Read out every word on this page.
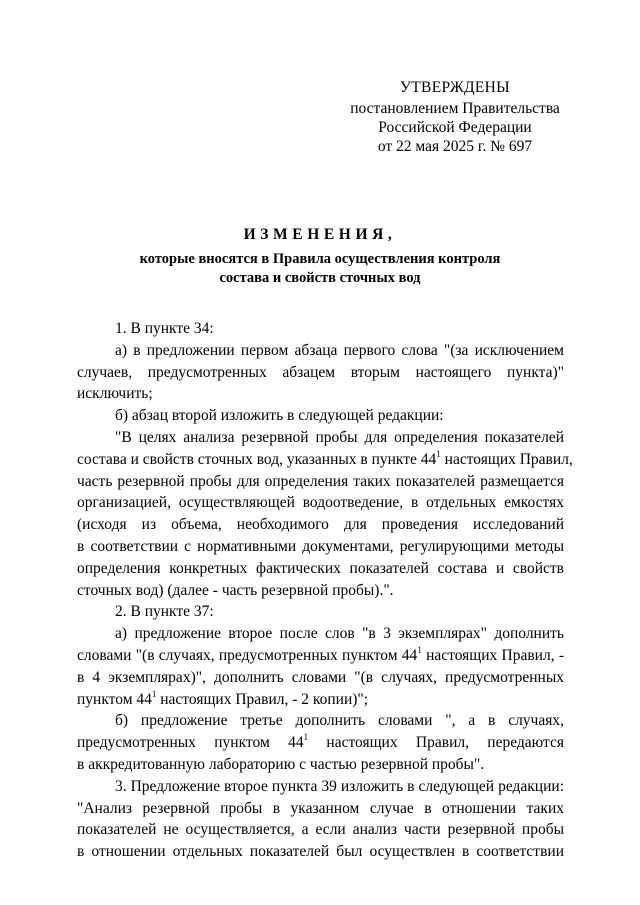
УТВЕРЖДЕНЫ
постановлением Правительства
Российской Федерации
от 22 мая 2025 г. № 697
ИЗМЕНЕНИЯ,
которые вносятся в Правила осуществления контроля
состава и свойств сточных вод
1. В пункте 34:
а) в предложении первом абзаца первого слова "(за исключением
случаев, предусмотренных абзацем вторым настоящего пункта)"
исключить;
б) абзац второй изложить в следующей редакции:
"В целях анализа резервной пробы для определения показателей
состава и свойств сточных вод, указанных в пункте $44^1$ настоящих Правил,
часть резервной пробы для определения таких показателей размещается
организацией, осуществляющей водоотведение, в отдельных емкостях
(исходя из объема, необходимого для проведения исследований
в соответствии с нормативными документами, регулирующими методы
определения конкретных фактических показателей состава и свойств
сточных вод) (далее - часть резервной пробы).".
2. В пункте 37:
а) предложение второе после слов "в 3 экземплярах" дополнить
словами "(в случаях, предусмотренных пунктом $44^1$ настоящих Правил, -
в 4 экземплярах)", дополнить словами "(в случаях, предусмотренных
пунктом $44^1$ настоящих Правил, - 2 копии)";
б) предложение третье дополнить словами ", а в случаях,
предусмотренных пунктом $44^1$ настоящих Правил, передаются
в аккредитованную лабораторию с частью резервной пробы".
3. Предложение второе пункта 39 изложить в следующей редакции:
"Анализ резервной пробы в указанном случае в отношении таких
показателей не осуществляется, а если анализ части резервной пробы
в отношении отдельных показателей был осуществлен в соответствии
